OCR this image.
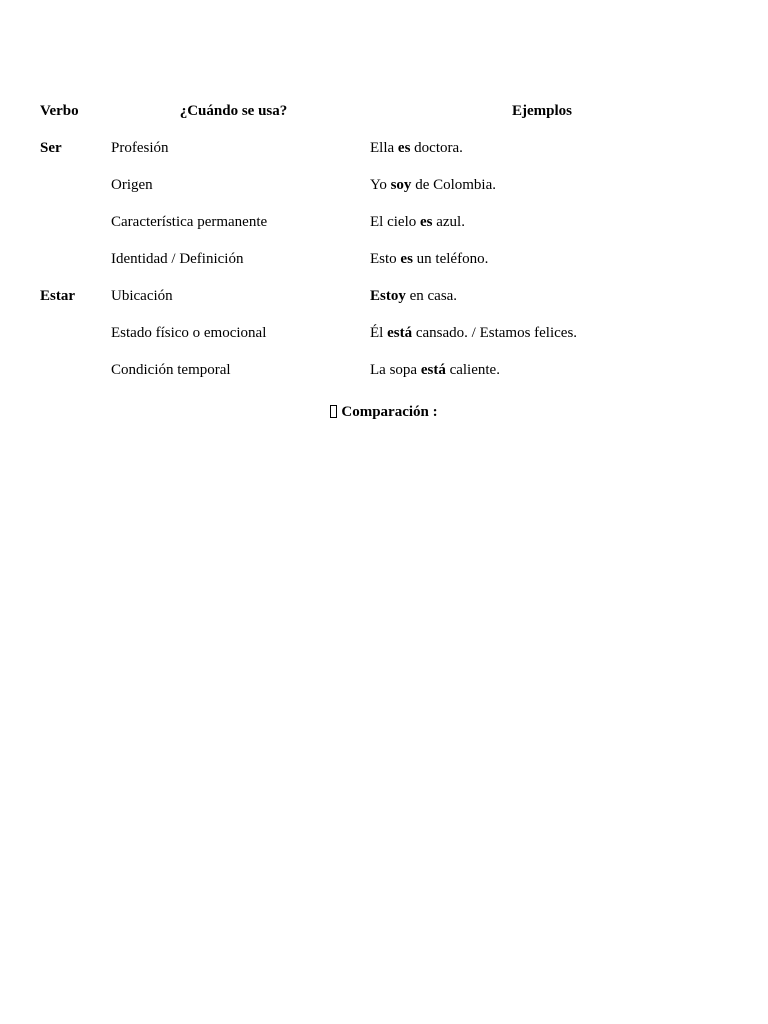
Verbo	¿Cuándo se usa?	Ejemplos
Ser	Profesión	Ella es doctora.
	Origen	Yo soy de Colombia.
	Característica permanente	El cielo es azul.
	Identidad / Definición	Esto es un teléfono.
Estar	Ubicación	Estoy en casa.
	Estado físico o emocional	Él está cansado. / Estamos felices.
	Condición temporal	La sopa está caliente.
Comparación :
